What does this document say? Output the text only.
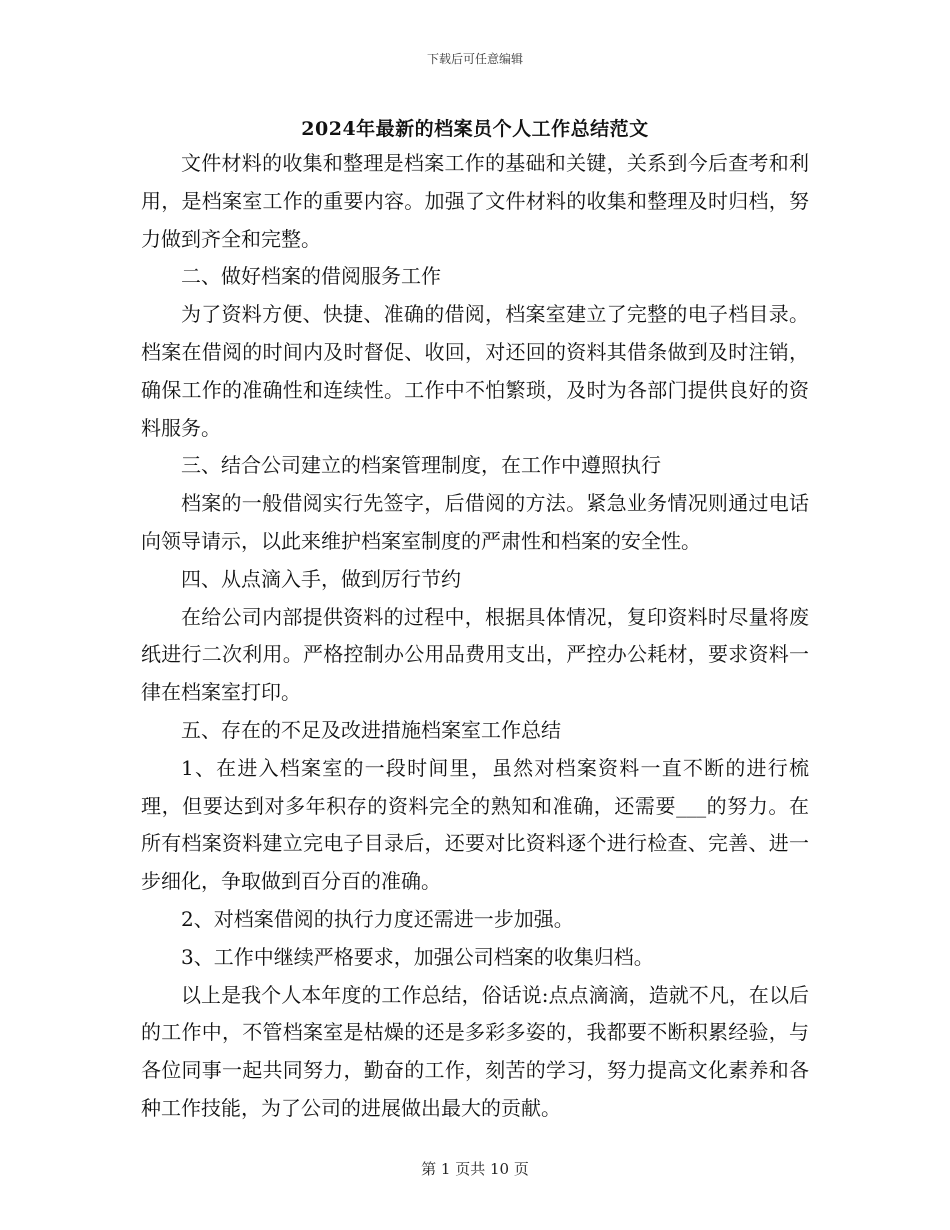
下载后可任意编辑
2024年最新的档案员个人工作总结范文

文件材料的收集和整理是档案工作的基础和关键，关系到今后查考和利用，是档案室工作的重要内容。加强了文件材料的收集和整理及时归档，努力做到齐全和完整。

二、做好档案的借阅服务工作

为了资料方便、快捷、准确的借阅，档案室建立了完整的电子档目录。档案在借阅的时间内及时督促、收回，对还回的资料其借条做到及时注销，确保工作的准确性和连续性。工作中不怕繁琐，及时为各部门提供良好的资料服务。

三、结合公司建立的档案管理制度，在工作中遵照执行

档案的一般借阅实行先签字，后借阅的方法。紧急业务情况则通过电话向领导请示，以此来维护档案室制度的严肃性和档案的安全性。

四、从点滴入手，做到厉行节约

在给公司内部提供资料的过程中，根据具体情况，复印资料时尽量将废纸进行二次利用。严格控制办公用品费用支出，严控办公耗材，要求资料一律在档案室打印。

五、存在的不足及改进措施档案室工作总结

1、在进入档案室的一段时间里，虽然对档案资料一直不断的进行梳理，但要达到对多年积存的资料完全的熟知和准确，还需要___的努力。在所有档案资料建立完电子目录后，还要对比资料逐个进行检查、完善、进一步细化，争取做到百分百的准确。

2、对档案借阅的执行力度还需进一步加强。

3、工作中继续严格要求，加强公司档案的收集归档。

以上是我个人本年度的工作总结，俗话说:点点滴滴，造就不凡，在以后的工作中，不管档案室是枯燥的还是多彩多姿的，我都要不断积累经验，与各位同事一起共同努力，勤奋的工作，刻苦的学习，努力提高文化素养和各种工作技能，为了公司的进展做出最大的贡献。

第 1 页共 10 页
